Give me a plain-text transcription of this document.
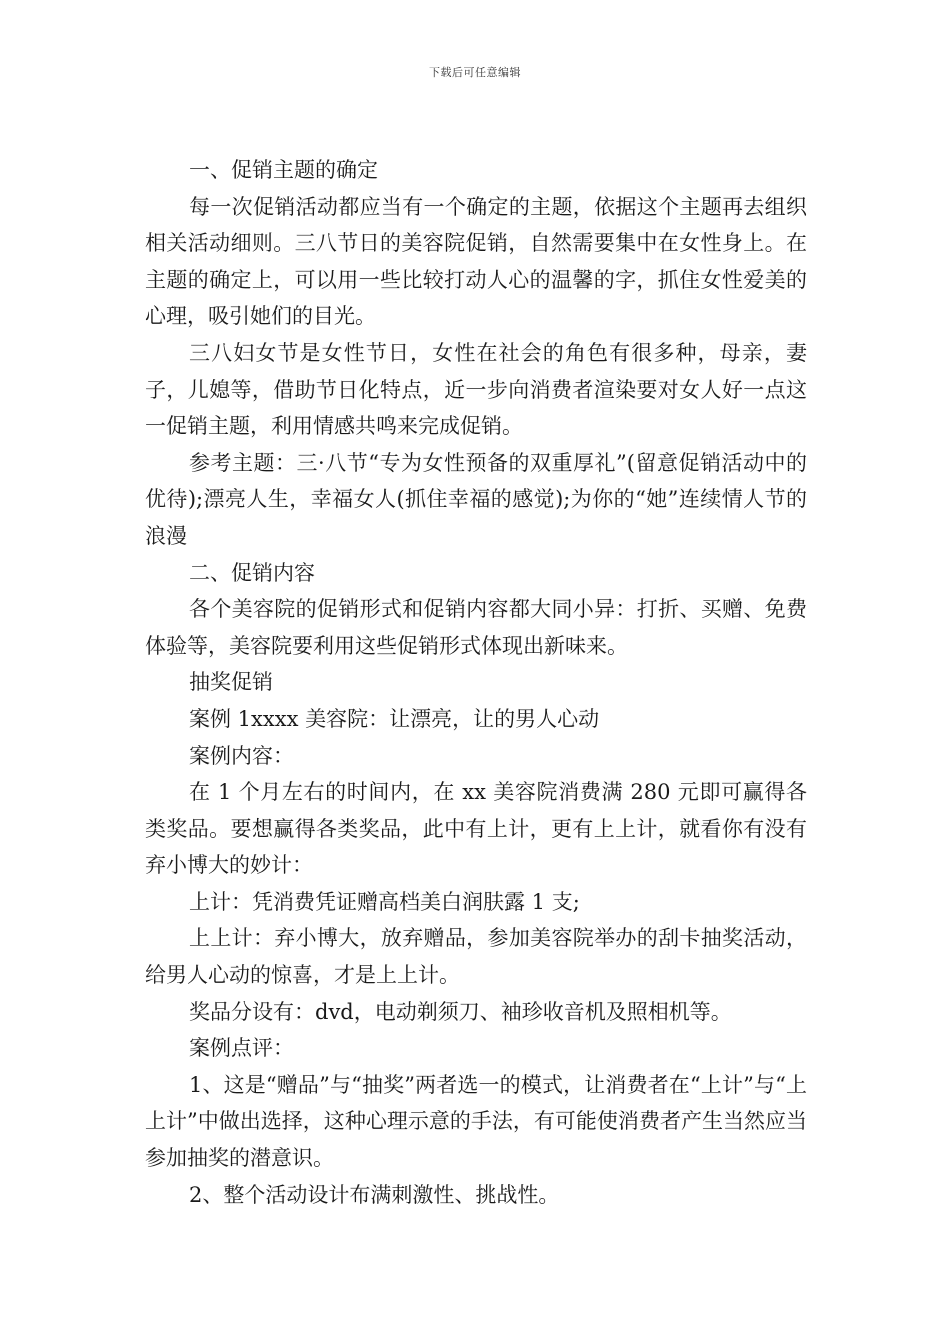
下载后可任意编辑

一、促销主题的确定

每一次促销活动都应当有一个确定的主题，依据这个主题再去组织相关活动细则。三八节日的美容院促销，自然需要集中在女性身上。在主题的确定上，可以用一些比较打动人心的温馨的字，抓住女性爱美的心理，吸引她们的目光。

三八妇女节是女性节日，女性在社会的角色有很多种，母亲，妻子，儿媳等，借助节日化特点，近一步向消费者渲染要对女人好一点这一促销主题，利用情感共鸣来完成促销。

参考主题：三·八节“专为女性预备的双重厚礼”(留意促销活动中的优待);漂亮人生，幸福女人(抓住幸福的感觉);为你的“她”连续情人节的浪漫

二、促销内容

各个美容院的促销形式和促销内容都大同小异：打折、买赠、免费体验等，美容院要利用这些促销形式体现出新味来。

抽奖促销

案例 1xxxx 美容院：让漂亮，让的男人心动

案例内容：

在 1 个月左右的时间内，在 xx 美容院消费满 280 元即可赢得各类奖品。要想赢得各类奖品，此中有上计，更有上上计，就看你有没有弃小博大的妙计：

上计：凭消费凭证赠高档美白润肤露 1 支;

上上计：弃小博大，放弃赠品，参加美容院举办的刮卡抽奖活动，给男人心动的惊喜，才是上上计。

奖品分设有：dvd，电动剃须刀、袖珍收音机及照相机等。

案例点评：

1、这是“赠品”与“抽奖”两者选一的模式，让消费者在“上计”与“上上计”中做出选择，这种心理示意的手法，有可能使消费者产生当然应当参加抽奖的潜意识。

2、整个活动设计布满刺激性、挑战性。
